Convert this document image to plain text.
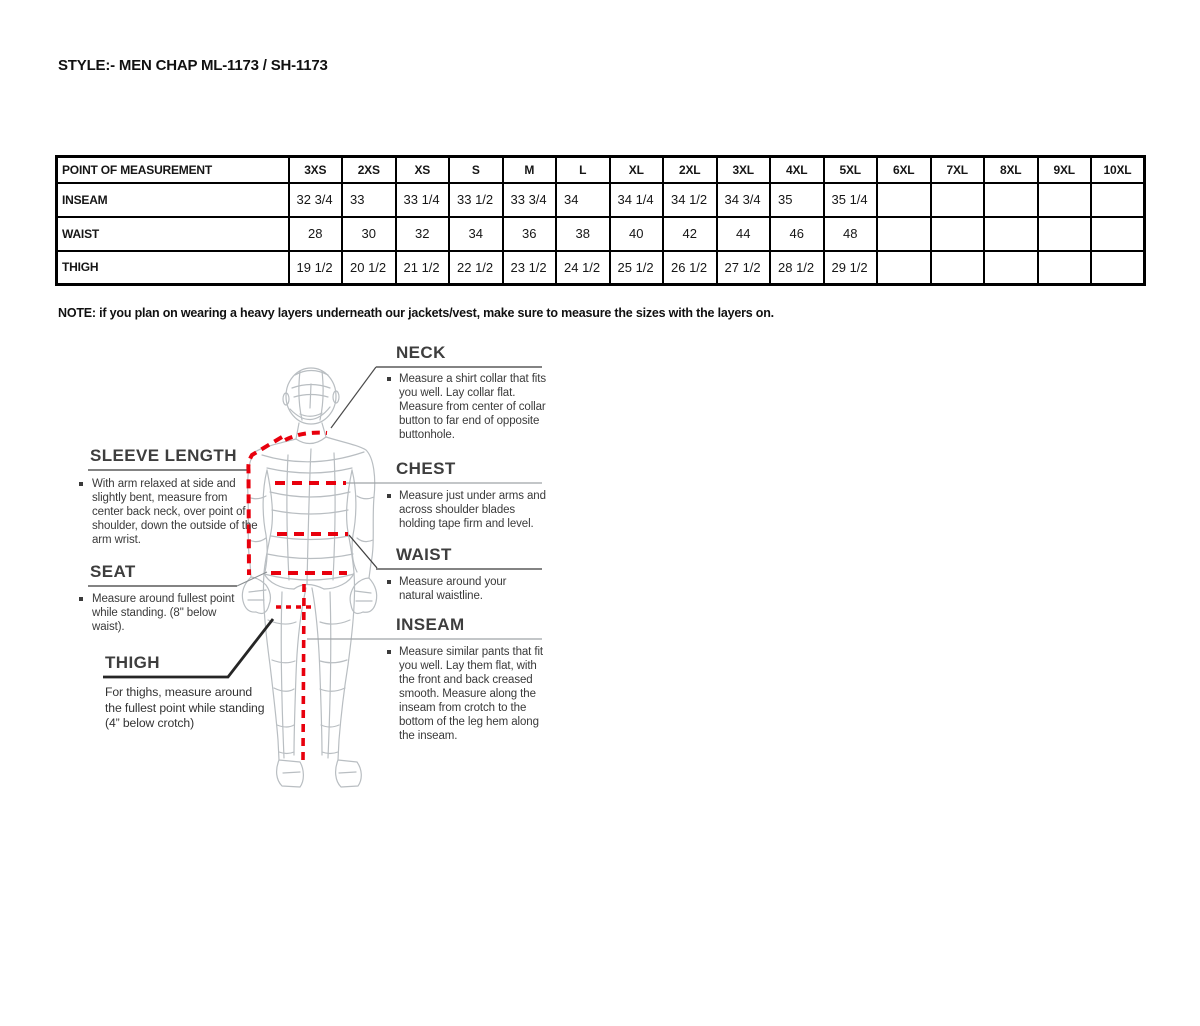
STYLE:- MEN CHAP ML-1173 / SH-1173
POINT OF MEASUREMENT	3XS	2XS	XS	S	M	L	XL	2XL	3XL	4XL	5XL	6XL	7XL	8XL	9XL	10XL
INSEAM	32 3/4	33	33 1/4	33 1/2	33 3/4	34	34 1/4	34 1/2	34 3/4	35	35 1/4					
WAIST	28	30	32	34	36	38	40	42	44	46	48					
THIGH	19 1/2	20 1/2	21 1/2	22 1/2	23 1/2	24 1/2	25 1/2	26 1/2	27 1/2	28 1/2	29 1/2					
NOTE: if you plan on wearing a heavy layers underneath our jackets/vest, make sure to measure the sizes with the layers on.
SLEEVE LENGTH
With arm relaxed at side and slightly bent, measure from center back neck, over point of shoulder, down the outside of the arm wrist.
SEAT
Measure around fullest point while standing. (8" below waist).
THIGH
For thighs, measure around the fullest point while standing (4” below crotch)
NECK
Measure a shirt collar that fits you well. Lay collar flat. Measure from center of collar button to far end of opposite buttonhole.
CHEST
Measure just under arms and across shoulder blades holding tape firm and level.
WAIST
Measure around your natural waistline.
INSEAM
Measure similar pants that fit you well. Lay them flat, with the front and back creased smooth. Measure along the inseam from crotch to the bottom of the leg hem along the inseam.
